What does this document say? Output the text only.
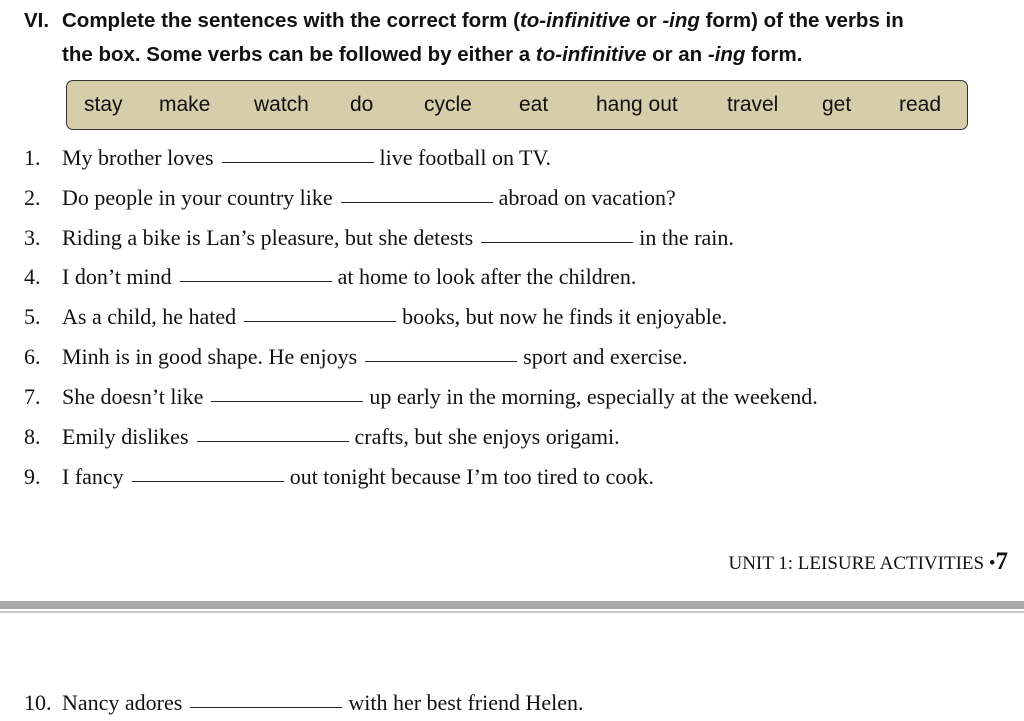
VI. Complete the sentences with the correct form (to-infinitive or -ing form) of the verbs in
the box. Some verbs can be followed by either a to-infinitive or an -ing form.
stay make watch do cycle eat hang out travel get read
1. My brother loves	live football on TV.
2. Do people in your country like	abroad on vacation?
3. Riding a bike is Lan’s pleasure, but she detests	in the rain.
4. I don’t mind	at home to look after the children.
5. As a child, he hated	books, but now he finds it enjoyable.
6. Minh is in good shape. He enjoys	sport and exercise.
7. She doesn’t like	up early in the morning, especially at the weekend.
8. Emily dislikes	crafts, but she enjoys origami.
9. I fancy	out tonight because I’m too tired to cook.
10. Nancy adores	with her best friend Helen.
UNIT 1: LEISURE ACTIVITIES •7
